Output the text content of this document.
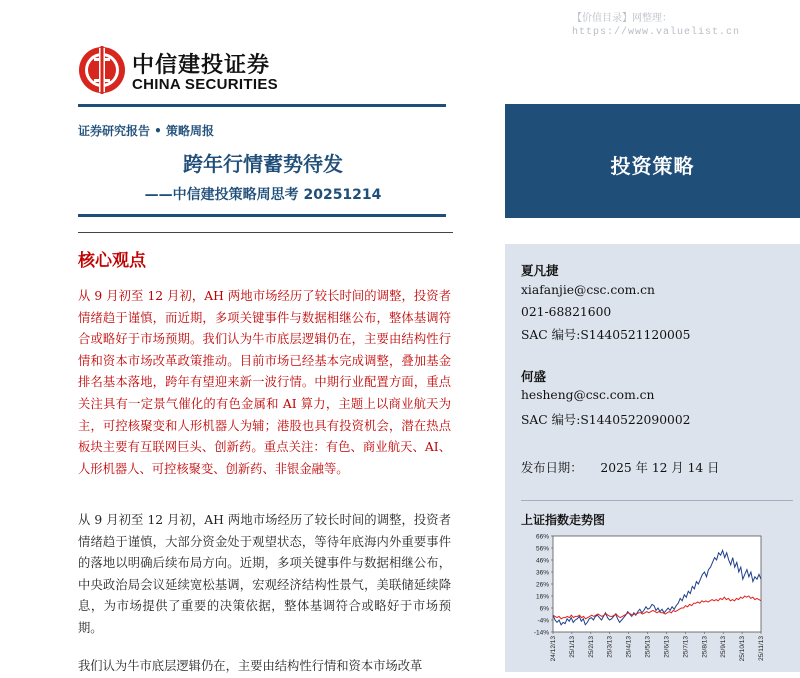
【价值目录】网整理：
https://www.valuelist.cn
中信建投证券
CHINA SECURITIES
证券研究报告 • 策略周报
跨年行情蓄势待发
——中信建投策略周思考 20251214
投资策略
核心观点
从 9 月初至 12 月初，AH 两地市场经历了较长时间的调整，投资者情绪趋于谨慎，而近期，多项关键事件与数据相继公布，整体基调符合或略好于市场预期。我们认为牛市底层逻辑仍在，主要由结构性行情和资本市场改革政策推动。目前市场已经基本完成调整，叠加基金排名基本落地，跨年有望迎来新一波行情。中期行业配置方面，重点关注具有一定景气催化的有色金属和 AI 算力，主题上以商业航天为主，可控核聚变和人形机器人为辅；港股也具有投资机会，潜在热点板块主要有互联网巨头、创新药。重点关注：有色、商业航天、AI、人形机器人、可控核聚变、创新药、非银金融等。
从 9 月初至 12 月初，AH 两地市场经历了较长时间的调整，投资者情绪趋于谨慎，大部分资金处于观望状态，等待年底海内外重要事件的落地以明确后续布局方向。近期，多项关键事件与数据相继公布，中央政治局会议延续宽松基调，宏观经济结构性景气，美联储延续降息，为市场提供了重要的决策依据，整体基调符合或略好于市场预期。
我们认为牛市底层逻辑仍在，主要由结构性行情和资本市场改革
夏凡捷
xiafanjie@csc.com.cn
021-68821600
SAC 编号:S1440521120005
何盛
hesheng@csc.com.cn
SAC 编号:S1440522090002
发布日期： 2025 年 12 月 14 日
上证指数走势图
66%
56%
46%
36%
26%
16%
6%
-4%
-14%
24/12/13 25/1/13 25/2/13 25/3/13 25/4/13 25/5/13 25/6/13 25/7/13 25/8/13 25/9/13 25/10/13 25/11/13
